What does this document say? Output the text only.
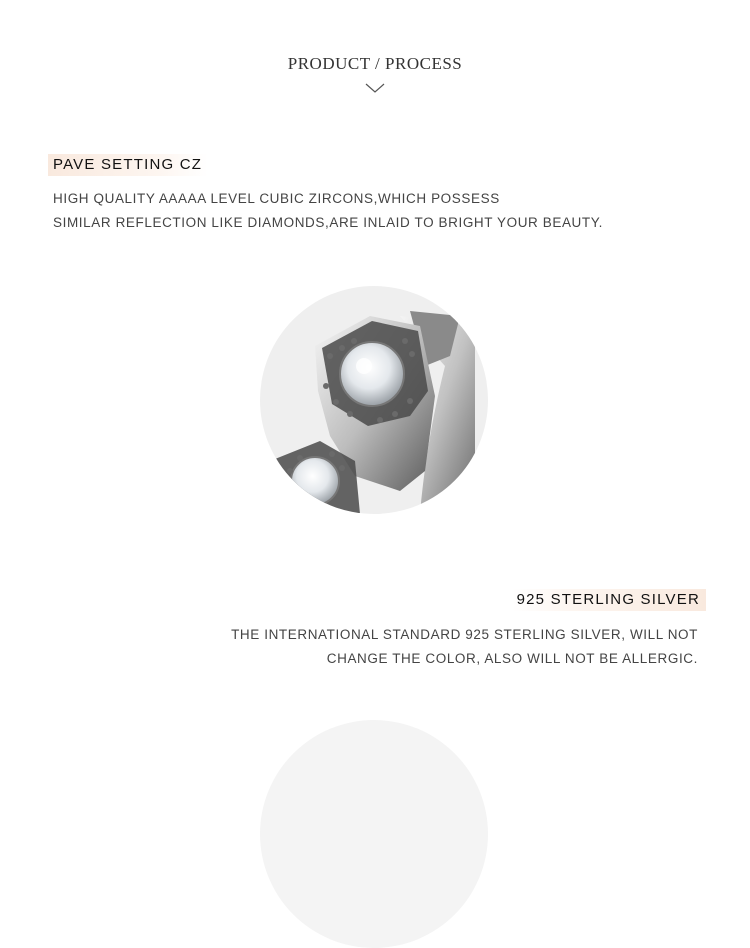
PRODUCT / PROCESS
PAVE SETTING CZ
HIGH QUALITY AAAAA LEVEL CUBIC ZIRCONS,WHICH POSSESS
SIMILAR REFLECTION LIKE DIAMONDS,ARE INLAID TO BRIGHT YOUR BEAUTY.
925 STERLING SILVER
THE INTERNATIONAL STANDARD 925 STERLING SILVER, WILL NOT
CHANGE THE COLOR, ALSO WILL NOT BE ALLERGIC.
